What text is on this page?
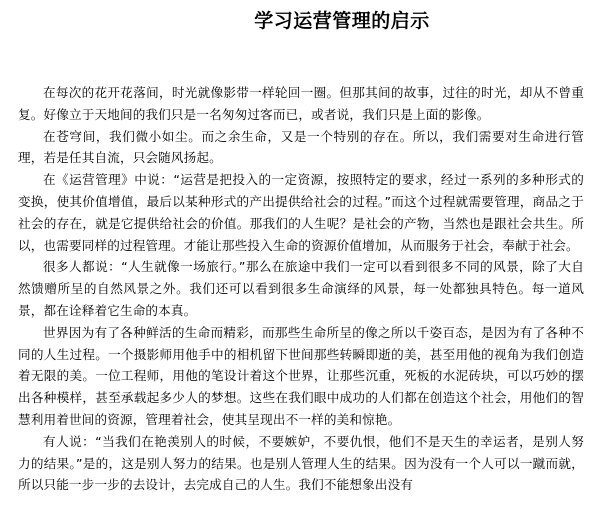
学习运营管理的启示

在每次的花开花落间，时光就像影带一样轮回一圈。但那其间的故事，过往的时光，却从不曾重复。好像立于天地间的我们只是一名匆匆过客而已，或者说，我们只是上面的影像。

在苍穹间，我们微小如尘。而之余生命，又是一个特别的存在。所以，我们需要对生命进行管理，若是任其自流，只会随风扬起。

在《运营管理》中说：“运营是把投入的一定资源，按照特定的要求，经过一系列的多种形式的变换，使其价值增值，最后以某种形式的产出提供给社会的过程。”而这个过程就需要管理，商品之于社会的存在，就是它提供给社会的价值。那我们的人生呢？是社会的产物，当然也是跟社会共生。所以，也需要同样的过程管理。才能让那些投入生命的资源价值增加，从而服务于社会，奉献于社会。

很多人都说：“人生就像一场旅行。”那么在旅途中我们一定可以看到很多不同的风景，除了大自然馈赠所呈的自然风景之外。我们还可以看到很多生命演绎的风景，每一处都独具特色。每一道风景，都在诠释着它生命的本真。

世界因为有了各种鲜活的生命而精彩，而那些生命所呈的像之所以千姿百态，是因为有了各种不同的人生过程。一个摄影师用他手中的相机留下世间那些转瞬即逝的美，甚至用他的视角为我们创造着无限的美。一位工程师，用他的笔设计着这个世界，让那些沉重，死板的水泥砖块，可以巧妙的摆出各种模样，甚至承载起多少人的梦想。这些在我们眼中成功的人们都在创造这个社会，用他们的智慧利用着世间的资源，管理着社会，使其呈现出不一样的美和惊艳。

有人说：“当我们在艳羡别人的时候，不要嫉妒，不要仇恨，他们不是天生的幸运者，是别人努力的结果。”是的，这是别人努力的结果。也是别人管理人生的结果。因为没有一个人可以一蹴而就，所以只能一步一步的去设计，去完成自己的人生。我们不能想象出没有
